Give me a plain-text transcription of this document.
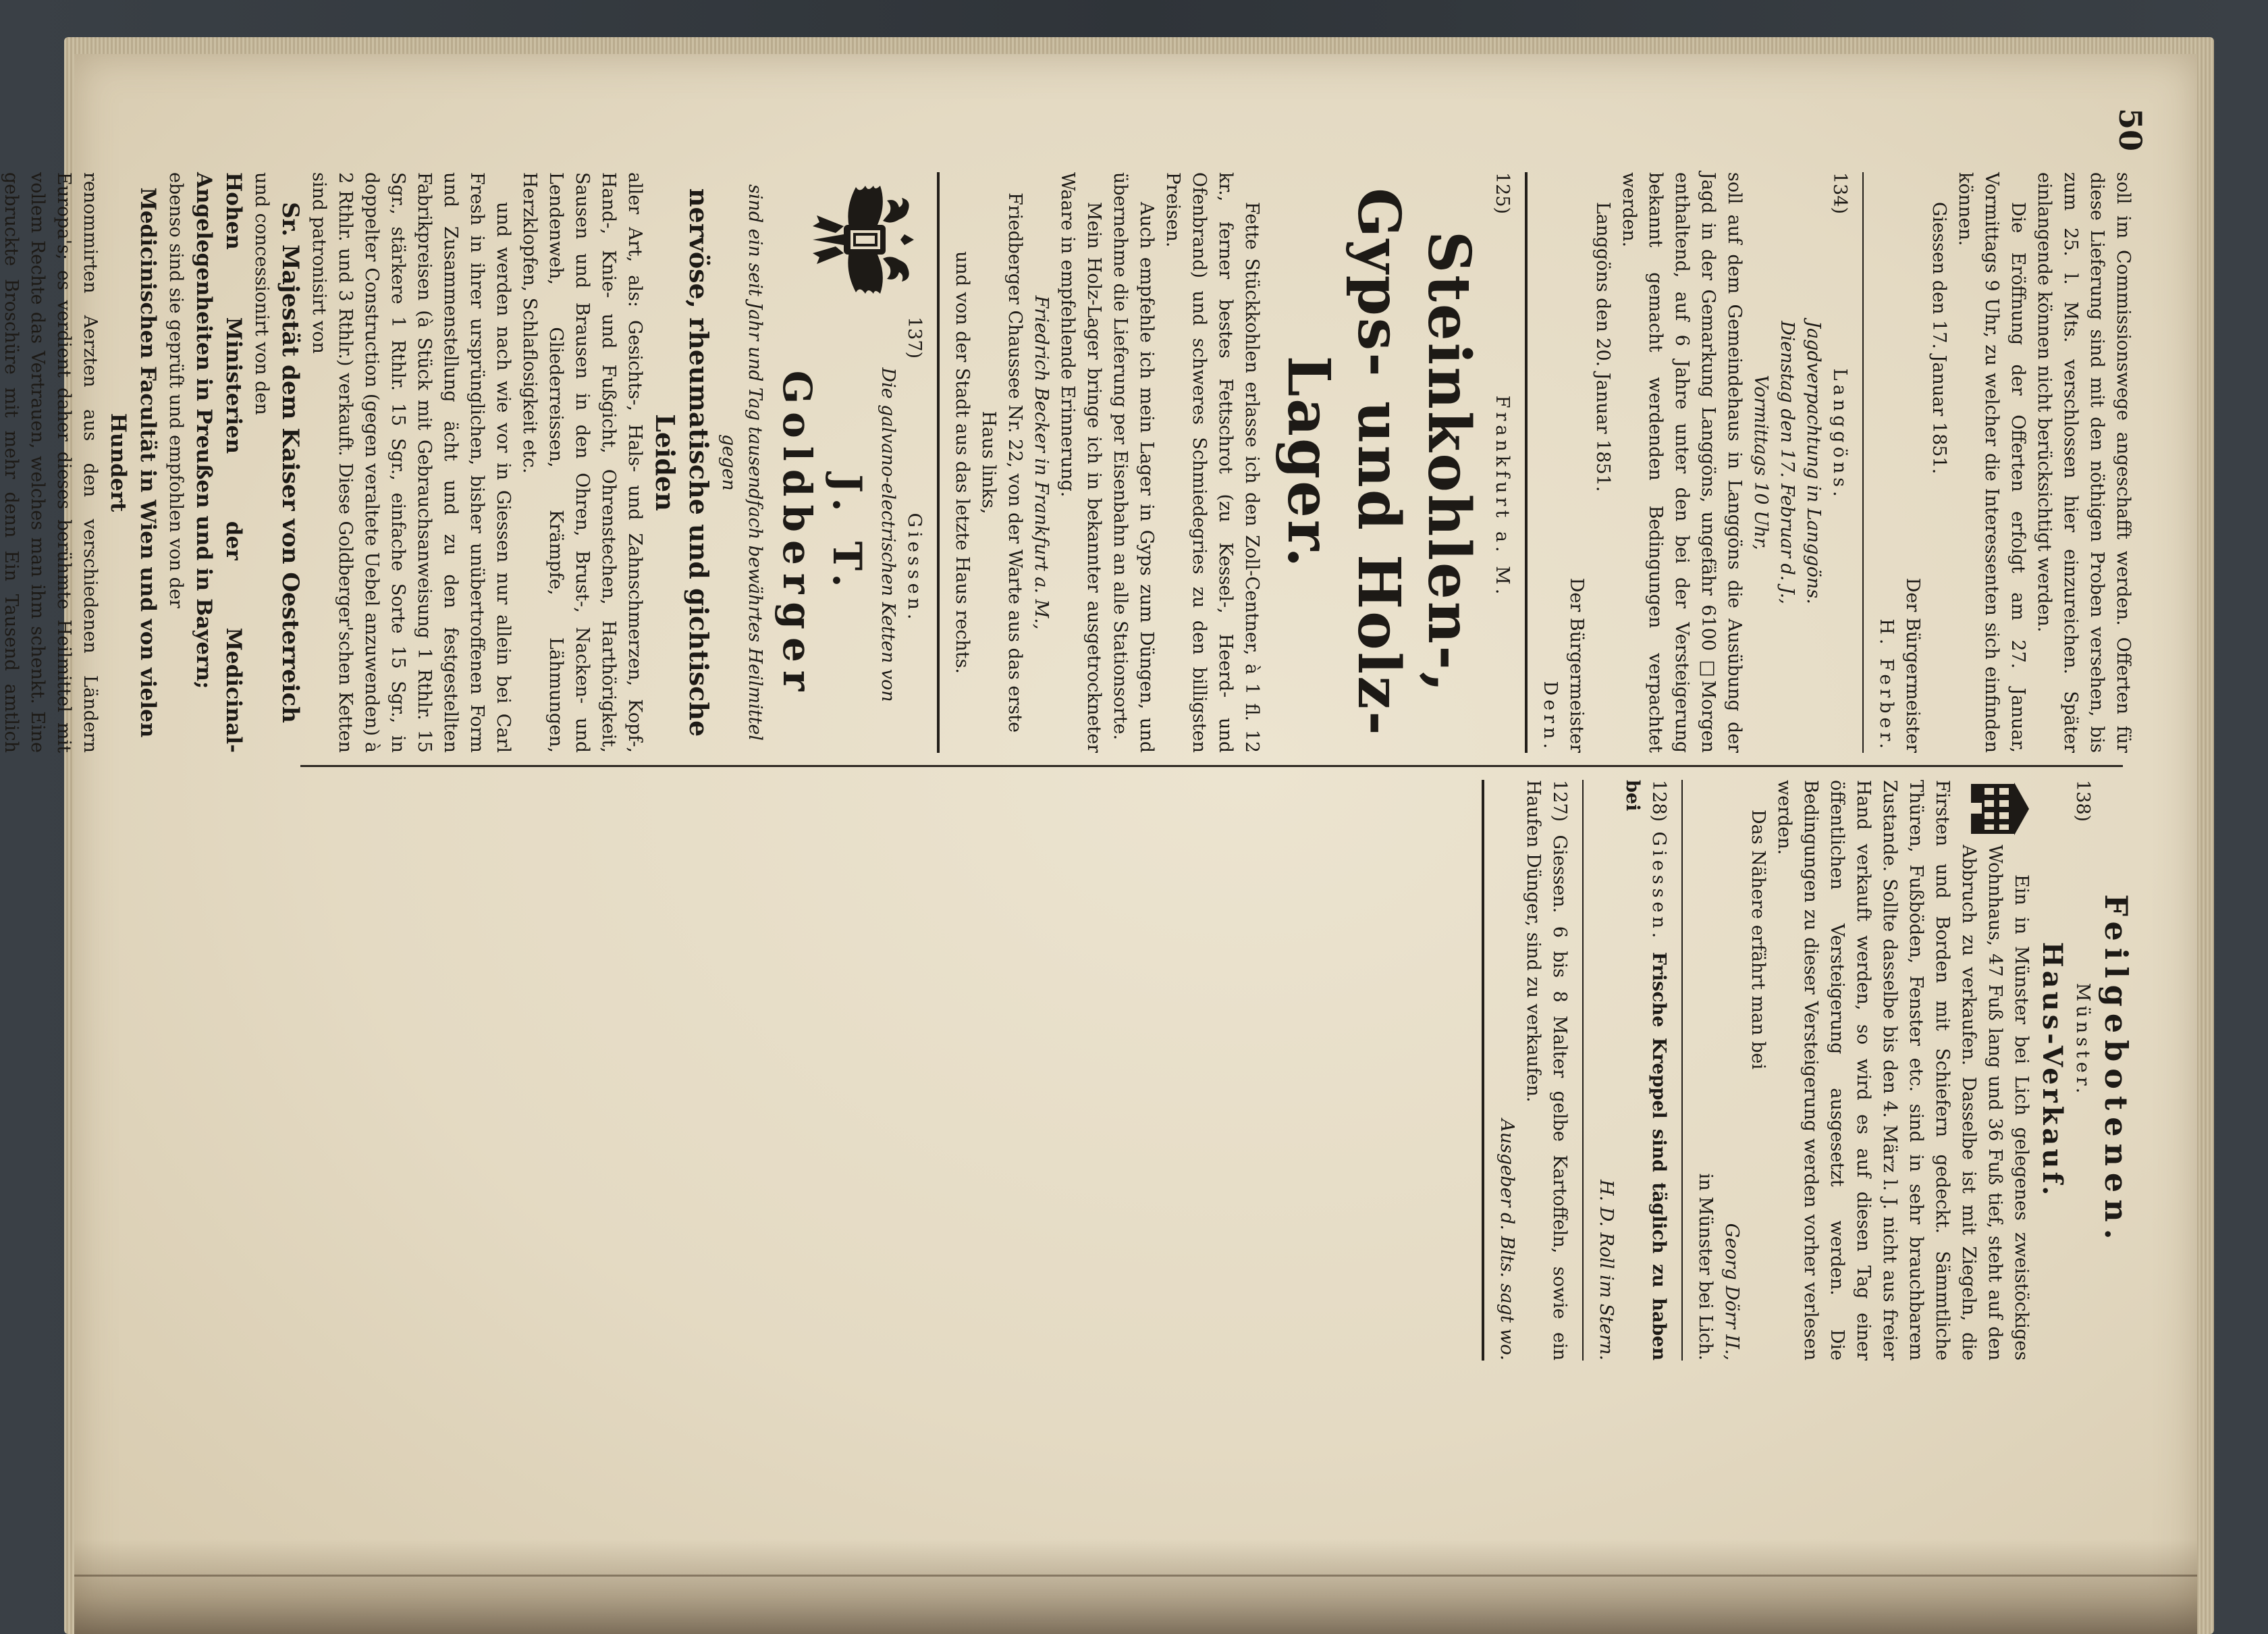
50

soll im Commissionswege angeschafft werden. Offerten für diese Lieferung sind mit den nöthigen Proben versehen, bis zum 25. l. Mts. verschlossen hier einzureichen. Später einlangende können nicht berücksichtigt werden.

Die Eröffnung der Offerten erfolgt am 27. Januar, Vormittags 9 Uhr, zu welcher die Interessenten sich einfinden können.

Giessen den 17. Januar 1851.

Der Bürgermeister

H. Ferber.

134) Langgöns.

Jagdverpachtung in Langgöns.

Dienstag den 17. Februar d. J.,

Vormittags 10 Uhr,

soll auf dem Gemeindehaus in Langgöns die Ausübung der Jagd in der Gemarkung Langgöns, ungefähr 6100 □Morgen enthaltend, auf 6 Jahre unter den bei der Versteigerung bekannt gemacht werdenden Bedingungen verpachtet werden.

Langgöns den 20. Januar 1851.

Der Bürgermeister

Dern.

125) Frankfurt a. M.

Steinkohlen-, Gyps- und Holz-Lager.

Fette Stückkohlen erlasse ich den Zoll-Centner, à 1 fl. 12 kr., ferner bestes Fettschrot (zu Kessel-, Heerd- und Ofenbrand) und schweres Schmiedegries zu den billigsten Preisen.

Auch empfehle ich mein Lager in Gyps zum Düngen, und übernehme die Lieferung per Eisenbahn an alle Stationsorte.

Mein Holz-Lager bringe ich in bekannter ausgetrockneter Waare in empfehlende Erinnerung.

Friedrich Becker in Frankfurt a. M.,

Friedberger Chaussee Nr. 22, von der Warte aus das erste Haus links,

und von der Stadt aus das letzte Haus rechts.

137) Giessen.

Die galvano-electrischen Ketten von

J. T. Goldberger

sind ein seit Jahr und Tag tausendfach bewährtes Heilmittel gegen

nervöse, rheumatische und gichtische Leiden

aller Art, als: Gesichts-, Hals- und Zahnschmerzen, Kopf-, Hand-, Knie- und Fußgicht, Ohrenstechen, Harthörigkeit, Sausen und Brausen in den Ohren, Brust-, Nacken- und Lendenweh, Gliederreissen, Krämpfe, Lähmungen, Herzklopfen, Schlaflosigkeit etc.

und werden nach wie vor in Giessen nur allein bei Carl Fresh in ihrer ursprünglichen, bisher unübertroffenen Form und Zusammenstellung ächt und zu den festgestellten Fabrikpreisen (à Stück mit Gebrauchsanweisung 1 Rthlr. 15 Sgr., stärkere 1 Rthlr. 15 Sgr., einfache Sorte 15 Sgr., in doppelter Construction (gegen veraltete Uebel anzuwenden) à 2 Rthlr. und 3 Rthlr.) verkauft. Diese Goldberger'schen Ketten sind patronisirt von

Sr. Majestät dem Kaiser von Oesterreich

und concessionirt von den

Hohen Ministerien der Medicinal-Angelegenheiten in Preußen und in Bayern;

ebenso sind sie geprüft und empfohlen von der

Medicinischen Facultät in Wien und von vielen Hundert

renommirten Aerzten aus den verschiedenen Ländern Europa's; es verdient daher dieses berühmte Heilmittel mit vollem Rechte das Vertrauen, welches man ihm schenkt. Eine gebruckte Broschüre mit mehr denn Ein Tausend amtlich

Feilgebotenen.

138) Münster.

Haus-Verkauf.

Ein in Münster bei Lich gelegenes zweistöckiges Wohnhaus, 47 Fuß lang und 36 Fuß tief, steht auf den Abbruch zu verkaufen. Dasselbe ist mit Ziegeln, die Firsten und Borden mit Schiefern gedeckt. Sämmtliche Thüren, Fußböden, Fenster etc. sind in sehr brauchbarem Zustande. Sollte dasselbe bis den 4. März l. J. nicht aus freier Hand verkauft werden, so wird es auf diesen Tag einer öffentlichen Versteigerung ausgesetzt werden. Die Bedingungen zu dieser Versteigerung werden vorher verlesen werden.

Das Nähere erfährt man bei

Georg Dörr II.,

in Münster bei Lich.

128) Giessen. Frische Kreppel sind täglich zu haben bei

H. D. Roll im Stern.

127) Giessen. 6 bis 8 Malter gelbe Kartoffeln, sowie ein Haufen Dünger, sind zu verkaufen.

Ausgeber d. Blts. sagt wo.
